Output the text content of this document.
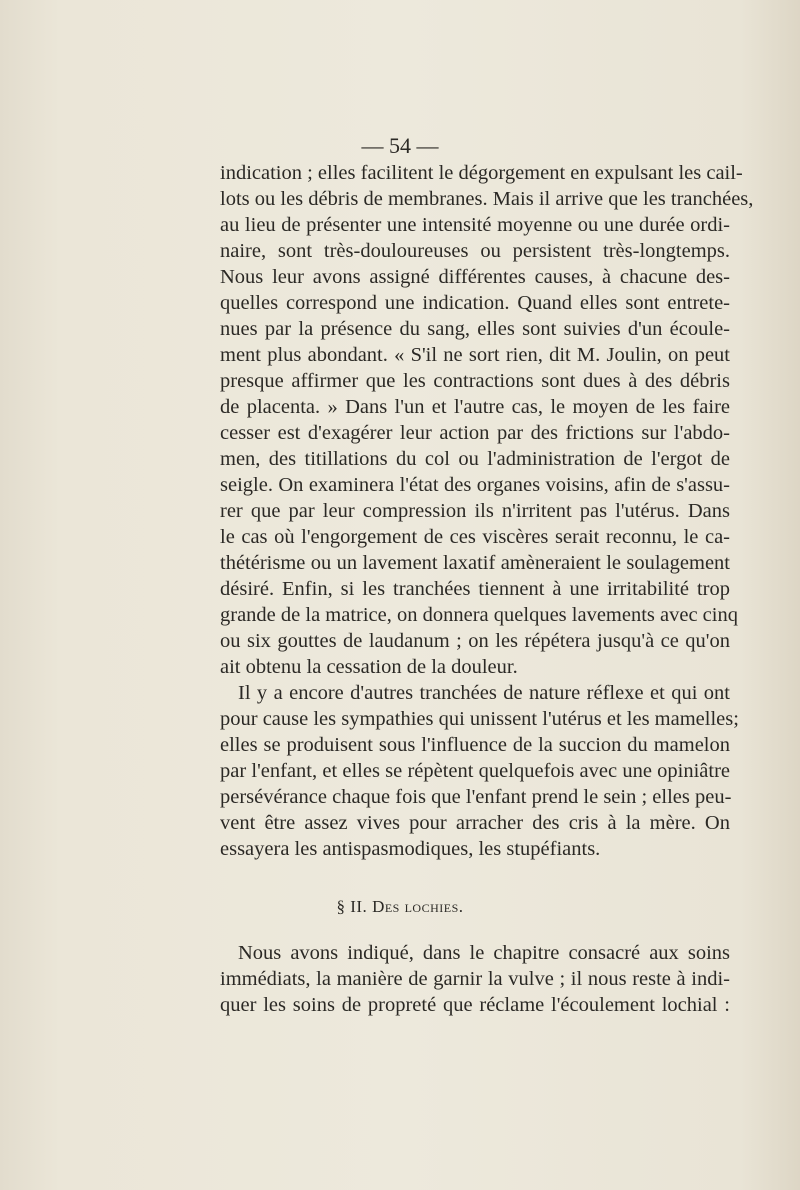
— 54 —
indication ; elles facilitent le dégorgement en expulsant les cail-
lots ou les débris de membranes. Mais il arrive que les tranchées,
au lieu de présenter une intensité moyenne ou une durée ordi-
naire, sont très-douloureuses ou persistent très-longtemps.
Nous leur avons assigné différentes causes, à chacune des-
quelles correspond une indication. Quand elles sont entrete-
nues par la présence du sang, elles sont suivies d'un écoule-
ment plus abondant. « S'il ne sort rien, dit M. Joulin, on peut
presque affirmer que les contractions sont dues à des débris
de placenta. » Dans l'un et l'autre cas, le moyen de les faire
cesser est d'exagérer leur action par des frictions sur l'abdo-
men, des titillations du col ou l'administration de l'ergot de
seigle. On examinera l'état des organes voisins, afin de s'assu-
rer que par leur compression ils n'irritent pas l'utérus. Dans
le cas où l'engorgement de ces viscères serait reconnu, le ca-
thétérisme ou un lavement laxatif amèneraient le soulagement
désiré. Enfin, si les tranchées tiennent à une irritabilité trop
grande de la matrice, on donnera quelques lavements avec cinq
ou six gouttes de laudanum ; on les répétera jusqu'à ce qu'on
ait obtenu la cessation de la douleur.
Il y a encore d'autres tranchées de nature réflexe et qui ont
pour cause les sympathies qui unissent l'utérus et les mamelles;
elles se produisent sous l'influence de la succion du mamelon
par l'enfant, et elles se répètent quelquefois avec une opiniâtre
persévérance chaque fois que l'enfant prend le sein ; elles peu-
vent être assez vives pour arracher des cris à la mère. On
essayera les antispasmodiques, les stupéfiants.
§ II. Des lochies.
Nous avons indiqué, dans le chapitre consacré aux soins
immédiats, la manière de garnir la vulve ; il nous reste à indi-
quer les soins de propreté que réclame l'écoulement lochial :
